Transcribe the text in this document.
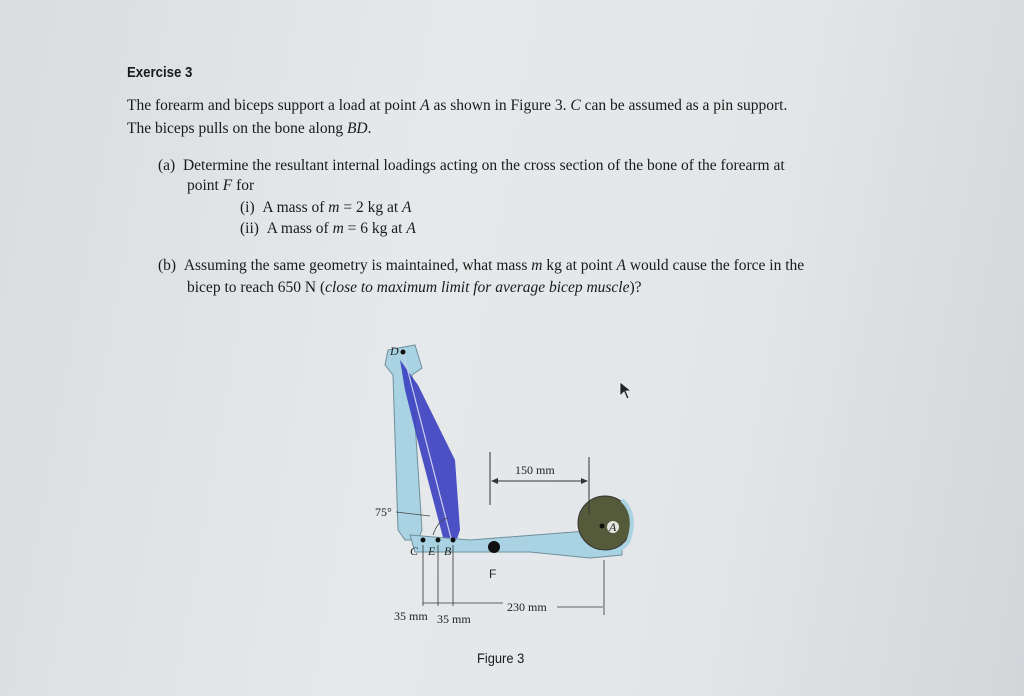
Exercise 3
The forearm and biceps support a load at point A as shown in Figure 3. C can be assumed as a pin support.
The biceps pulls on the bone along BD.
(a) Determine the resultant internal loadings acting on the cross section of the bone of the forearm at
point F for
(i) A mass of m = 2 kg at A
(ii) A mass of m = 6 kg at A
(b) Assuming the same geometry is maintained, what mass m kg at point A would cause the force in the
bicep to reach 650 N (close to maximum limit for average bicep muscle)?
A
D
C E B
F
75°
150 mm
230 mm
35 mm 35 mm
Figure 3
